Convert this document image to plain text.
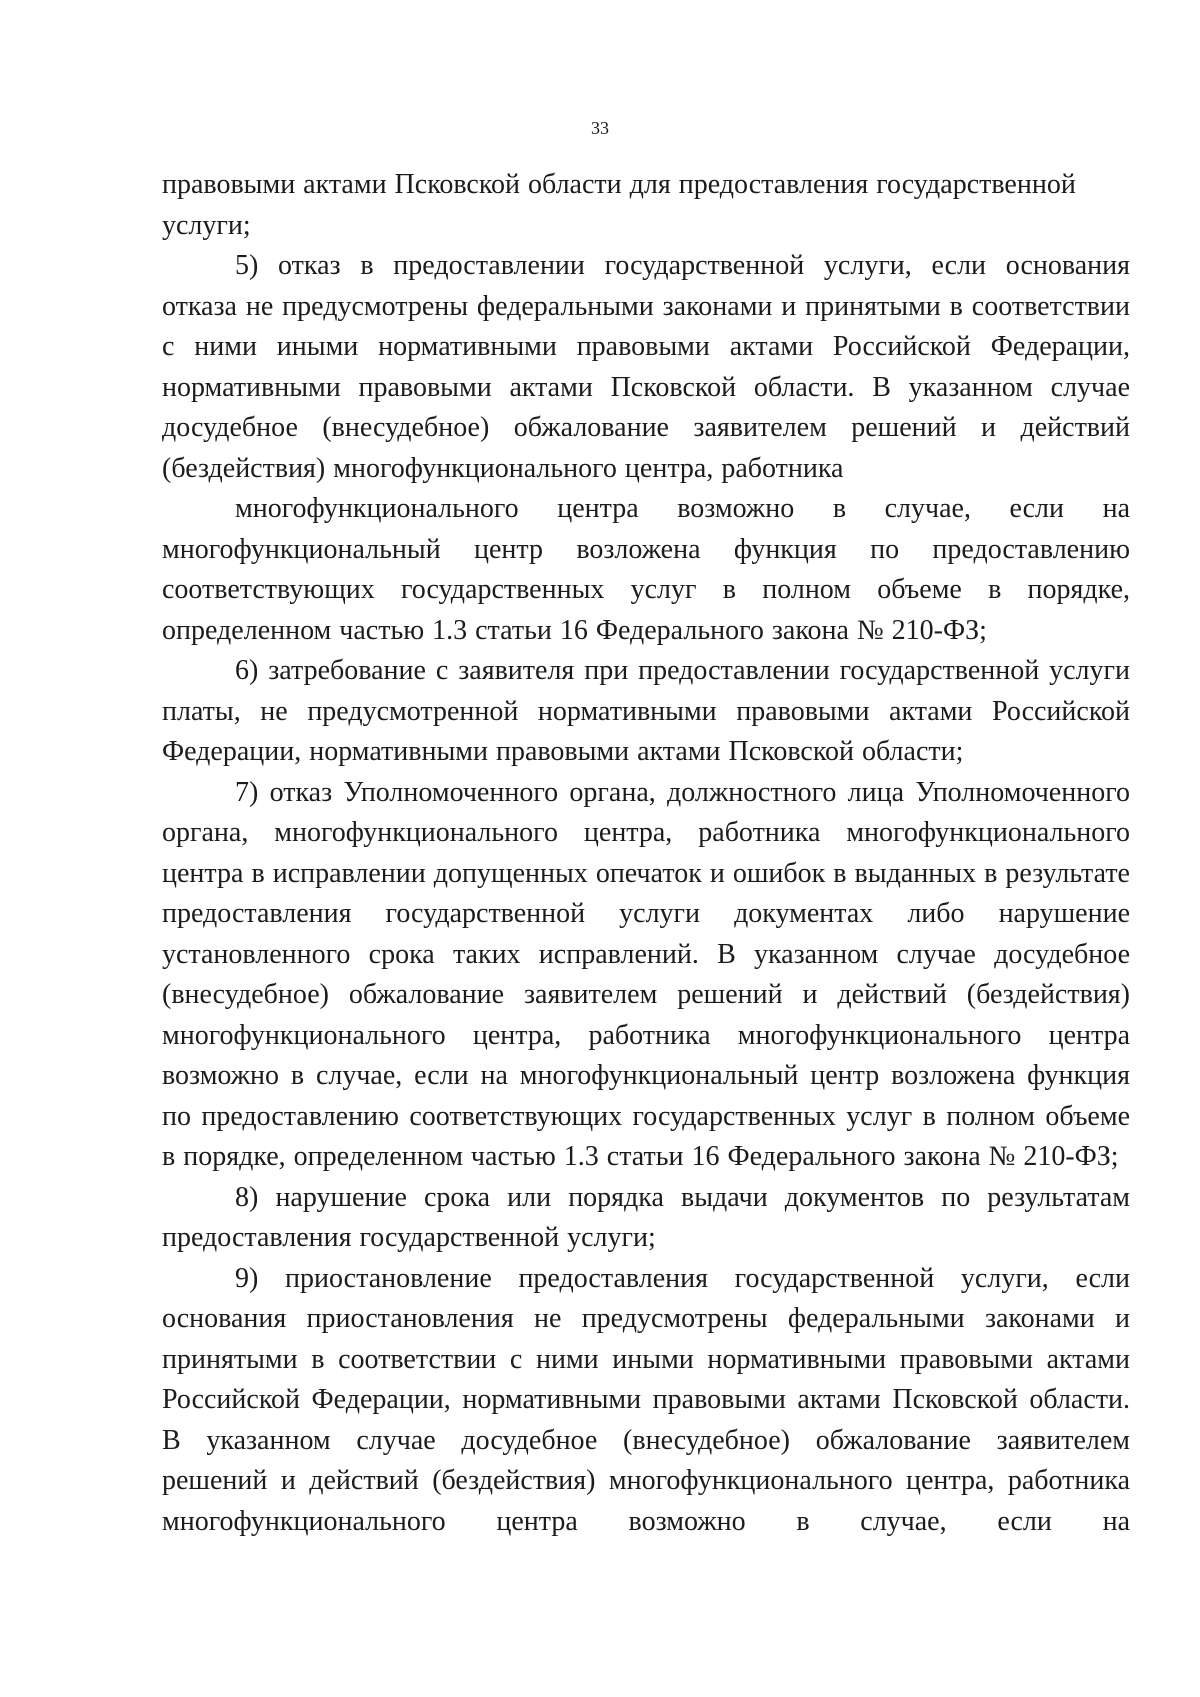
33

правовыми актами Псковской области для предоставления государственной услуги;

5) отказ в предоставлении государственной услуги, если основания отказа не предусмотрены федеральными законами и принятыми в соответствии с ними иными нормативными правовыми актами Российской Федерации, нормативными правовыми актами Псковской области. В указанном случае досудебное (внесудебное) обжалование заявителем решений и действий (бездействия) многофункционального центра, работника

многофункционального центра возможно в случае, если на многофункциональный центр возложена функция по предоставлению соответствующих государственных услуг в полном объеме в порядке, определенном частью 1.3 статьи 16 Федерального закона № 210-ФЗ;

6) затребование с заявителя при предоставлении государственной услуги платы, не предусмотренной нормативными правовыми актами Российской Федерации, нормативными правовыми актами Псковской области;

7) отказ Уполномоченного органа, должностного лица Уполномоченного органа, многофункционального центра, работника многофункционального центра в исправлении допущенных опечаток и ошибок в выданных в результате предоставления государственной услуги документах либо нарушение установленного срока таких исправлений. В указанном случае досудебное (внесудебное) обжалование заявителем решений и действий (бездействия) многофункционального центра, работника многофункционального центра возможно в случае, если на многофункциональный центр возложена функция по предоставлению соответствующих государственных услуг в полном объеме в порядке, определенном частью 1.3 статьи 16 Федерального закона № 210-ФЗ;

8) нарушение срока или порядка выдачи документов по результатам предоставления государственной услуги;

9) приостановление предоставления государственной услуги, если основания приостановления не предусмотрены федеральными законами и принятыми в соответствии с ними иными нормативными правовыми актами Российской Федерации, нормативными правовыми актами Псковской области. В указанном случае досудебное (внесудебное) обжалование заявителем решений и действий (бездействия) многофункционального центра, работника многофункционального центра возможно в случае, если на
